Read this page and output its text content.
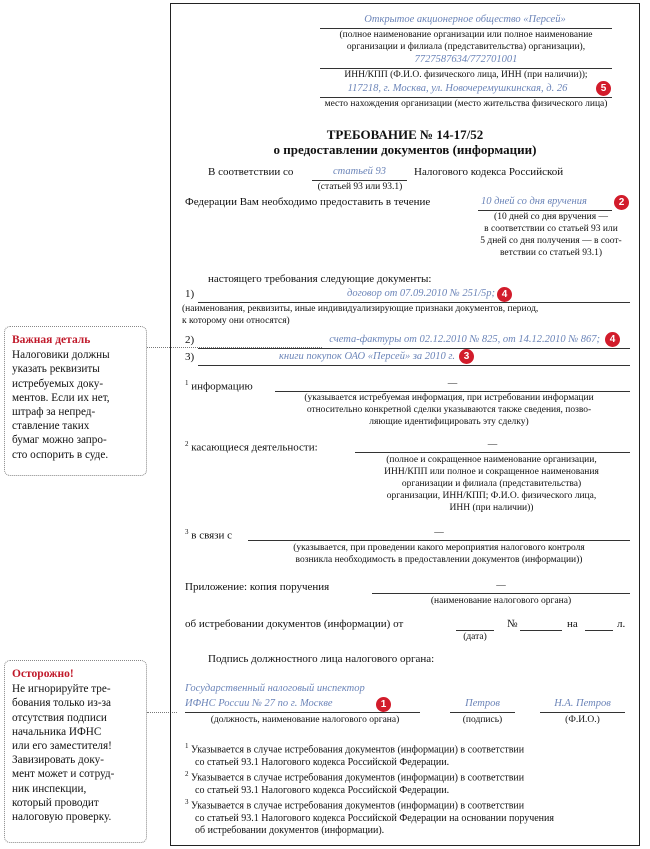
Важная деталь
Налоговики должны
указать реквизиты
истребуемых доку-
ментов. Если их нет,
штраф за непред-
ставление таких
бумаг можно запро-
сто оспорить в суде.
Осторожно!
Не игнорируйте тре-
бования только из-за
отсутствия подписи
начальника ИФНС
или его заместителя!
Завизировать доку-
мент может и сотруд-
ник инспекции,
который проводит
налоговую проверку.
Открытое акционерное общество «Персей»
(полное наименование организации или полное наименование
организации и филиала (представительства) организации),
7727587634/772701001
ИНН/КПП (Ф.И.О. физического лица, ИНН (при наличии));
117218, г. Москва, ул. Новочеремушкинская, д. 26	5
место нахождения организации (место жительства физического лица)
ТРЕБОВАНИЕ № 14-17/52
о предоставлении документов (информации)
В соответствии со	статьей 93	Налогового кодекса Российской
(статьей 93 или 93.1)
Федерации Вам необходимо предоставить в течение	10 дней со дня вручения	2
(10 дней со дня вручения —
в соответствии со статьей 93 или
5 дней со дня получения — в соот-
ветствии со статьей 93.1)
настоящего требования следующие документы:
1)	договор от 07.09.2010 № 251/5р; 4
(наименования, реквизиты, иные индивидуализирующие признаки документов, период,
к которому они относятся)
2)	счета-фактуры от 02.12.2010 № 825, от 14.12.2010 № 867; 4
3)	книги покупок ОАО «Персей» за 2010 г. 3
$^1$ информацию	—
(указывается истребуемая информация, при истребовании информации
относительно конкретной сделки указываются также сведения, позво-
ляющие идентифицировать эту сделку)
$^2$ касающиеся деятельности:	—
(полное и сокращенное наименование организации,
ИНН/КПП или полное и сокращенное наименования
организации и филиала (представительства)
организации, ИНН/КПП; Ф.И.О. физического лица,
ИНН (при наличии))
$^3$ в связи с	—
(указывается, при проведении какого мероприятия налогового контроля
возникла необходимость в предоставлении документов (информации))
Приложение: копия поручения	—
(наименование налогового органа)
об истребовании документов (информации) от	№	на	л.
(дата)
Подпись должностного лица налогового органа:
Государственный налоговый инспектор
ИФНС России № 27 по г. Москве	1	Петров	Н.А. Петров
(должность, наименование налогового органа)	(подпись)	(Ф.И.О.)
$^1$ Указывается в случае истребования документов (информации) в соответствии
со статьей 93.1 Налогового кодекса Российской Федерации.
$^2$ Указывается в случае истребования документов (информации) в соответствии
со статьей 93.1 Налогового кодекса Российской Федерации.
$^3$ Указывается в случае истребования документов (информации) в соответствии
со статьей 93.1 Налогового кодекса Российской Федерации на основании поручения
об истребовании документов (информации).
